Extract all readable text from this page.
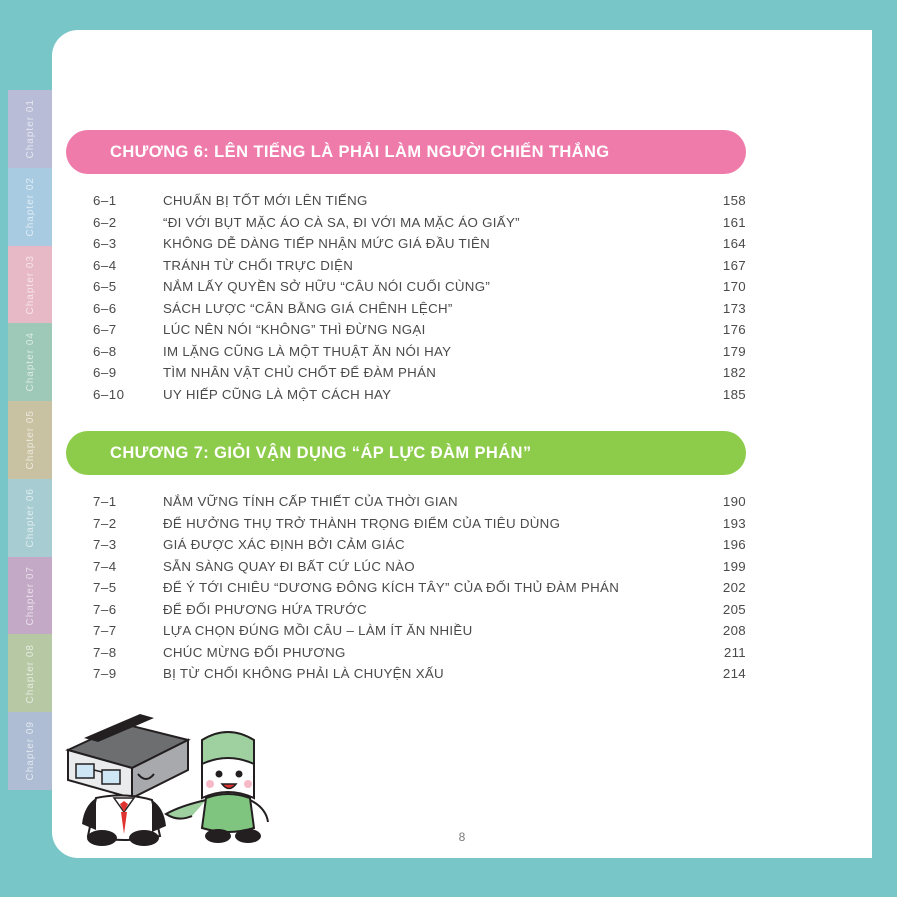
Chapter 01
Chapter 02
Chapter 03
Chapter 04
Chapter 05
Chapter 06
Chapter 07
Chapter 08
Chapter 09
CHƯƠNG 6: LÊN TIẾNG LÀ PHẢI LÀM NGƯỜI CHIẾN THẮNG
6–1	CHUẨN BỊ TỐT MỚI LÊN TIẾNG	158
6–2	“ĐI VỚI BỤT MẶC ÁO CÀ SA, ĐI VỚI MA MẶC ÁO GIẤY”	161
6–3	KHÔNG DỄ DÀNG TIẾP NHẬN MỨC GIÁ ĐẦU TIÊN	164
6–4	TRÁNH TỪ CHỐI TRỰC DIỆN	167
6–5	NẮM LẤY QUYỀN SỞ HỮU “CÂU NÓI CUỐI CÙNG”	170
6–6	SÁCH LƯỢC “CÂN BẰNG GIÁ CHÊNH LỆCH”	173
6–7	LÚC NÊN NÓI “KHÔNG” THÌ ĐỪNG NGẠI	176
6–8	IM LẶNG CŨNG LÀ MỘT THUẬT ĂN NÓI HAY	179
6–9	TÌM NHÂN VẬT CHỦ CHỐT ĐỂ ĐÀM PHÁN	182
6–10	UY HIẾP CŨNG LÀ MỘT CÁCH HAY	185
CHƯƠNG 7: GIỎI VẬN DỤNG “ÁP LỰC ĐÀM PHÁN”
7–1	NẮM VỮNG TÍNH CẤP THIẾT CỦA THỜI GIAN	190
7–2	ĐỂ HƯỞNG THỤ TRỞ THÀNH TRỌNG ĐIỂM CỦA TIÊU DÙNG	193
7–3	GIÁ ĐƯỢC XÁC ĐỊNH BỞI CẢM GIÁC	196
7–4	SẴN SÀNG QUAY ĐI BẤT CỨ LÚC NÀO	199
7–5	ĐỂ Ý TỚI CHIÊU “DƯƠNG ĐÔNG KÍCH TÂY” CỦA ĐỐI THỦ ĐÀM PHÁN	202
7–6	ĐỂ ĐỐI PHƯƠNG HỨA TRƯỚC	205
7–7	LỰA CHỌN ĐÚNG MỒI CÂU – LÀM ÍT ĂN NHIỀU	208
7–8	CHÚC MỪNG ĐỐI PHƯƠNG	211
7–9	BỊ TỪ CHỐI KHÔNG PHẢI LÀ CHUYỆN XẤU	214
8
